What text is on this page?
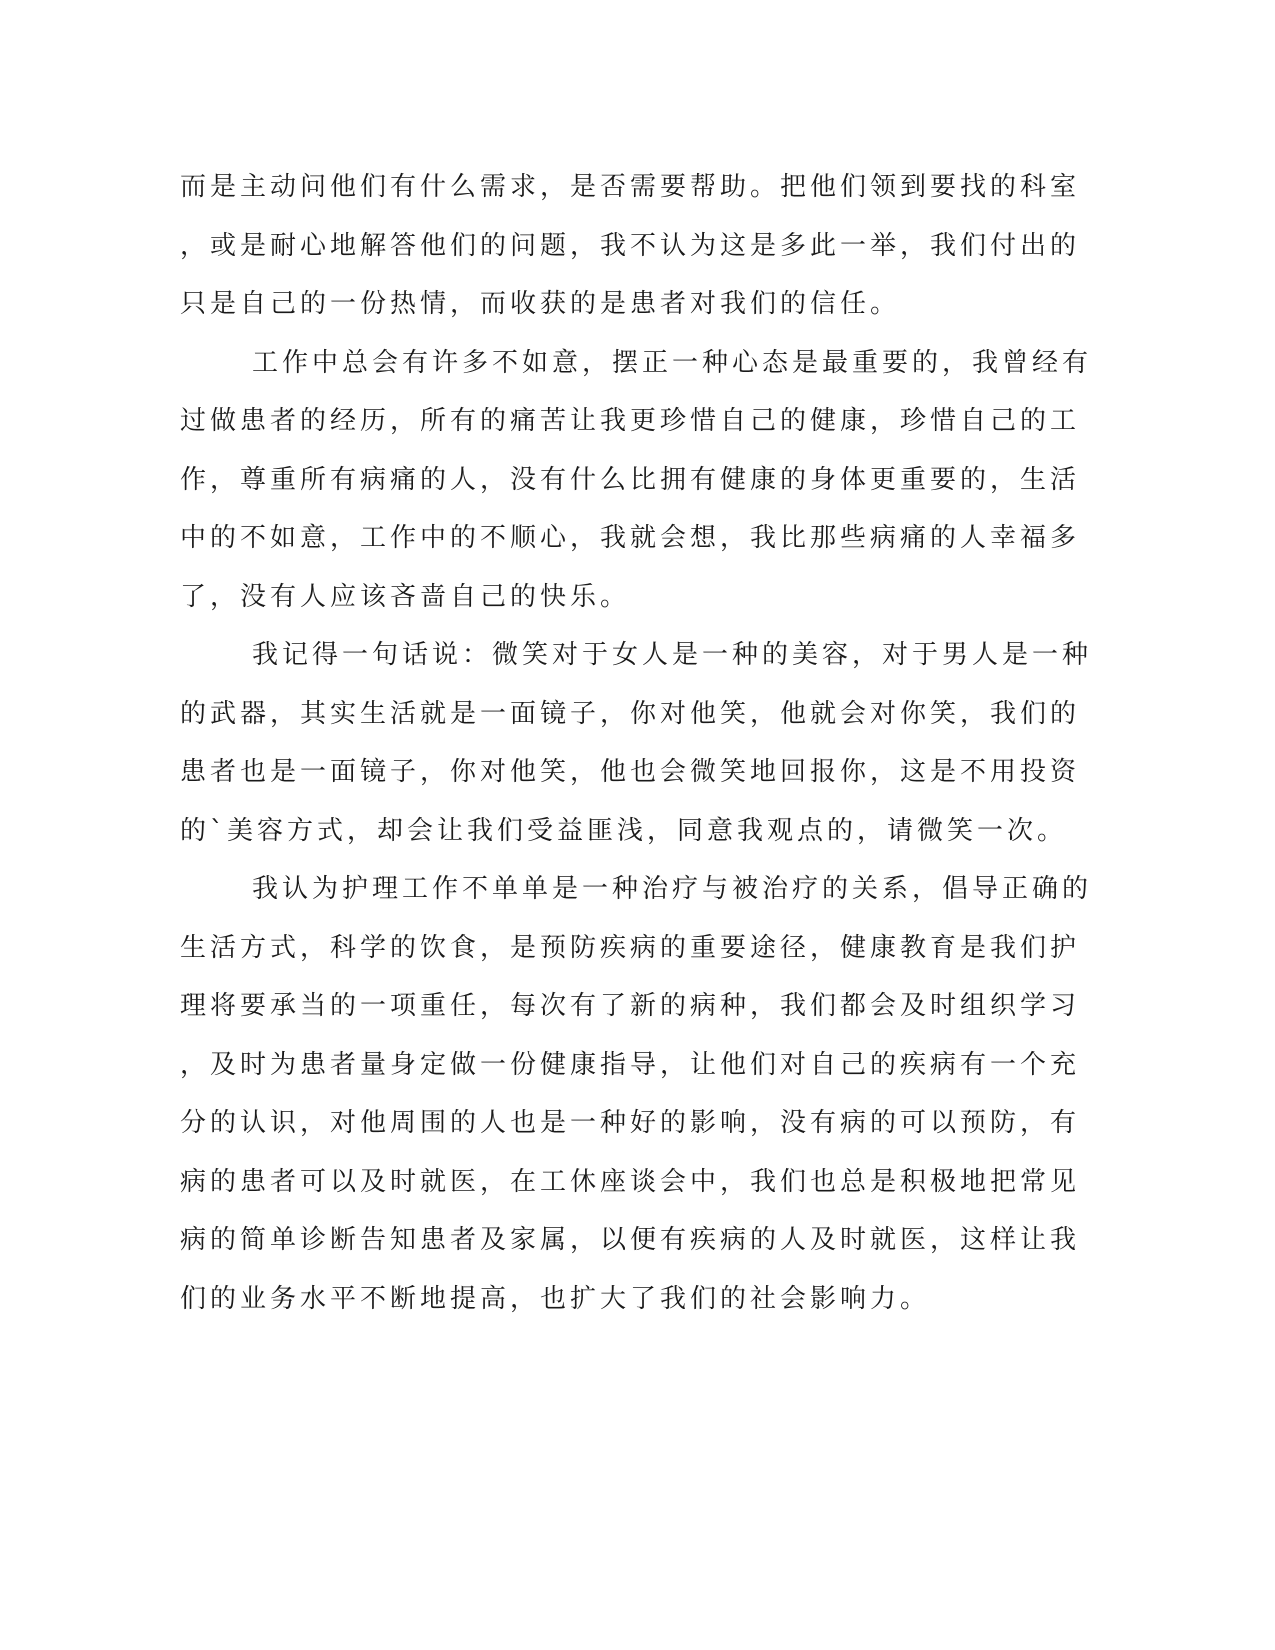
而是主动问他们有什么需求，是否需要帮助。把他们领到要找的科室
，或是耐心地解答他们的问题，我不认为这是多此一举，我们付出的
只是自己的一份热情，而收获的是患者对我们的信任。
工作中总会有许多不如意，摆正一种心态是最重要的，我曾经有
过做患者的经历，所有的痛苦让我更珍惜自己的健康，珍惜自己的工
作，尊重所有病痛的人，没有什么比拥有健康的身体更重要的，生活
中的不如意，工作中的不顺心，我就会想，我比那些病痛的人幸福多
了，没有人应该吝啬自己的快乐。
我记得一句话说：微笑对于女人是一种的美容，对于男人是一种
的武器，其实生活就是一面镜子，你对他笑，他就会对你笑，我们的
患者也是一面镜子，你对他笑，他也会微笑地回报你，这是不用投资
的`美容方式，却会让我们受益匪浅，同意我观点的，请微笑一次。
我认为护理工作不单单是一种治疗与被治疗的关系，倡导正确的
生活方式，科学的饮食，是预防疾病的重要途径，健康教育是我们护
理将要承当的一项重任，每次有了新的病种，我们都会及时组织学习
，及时为患者量身定做一份健康指导，让他们对自己的疾病有一个充
分的认识，对他周围的人也是一种好的影响，没有病的可以预防，有
病的患者可以及时就医，在工休座谈会中，我们也总是积极地把常见
病的简单诊断告知患者及家属，以便有疾病的人及时就医，这样让我
们的业务水平不断地提高，也扩大了我们的社会影响力。
